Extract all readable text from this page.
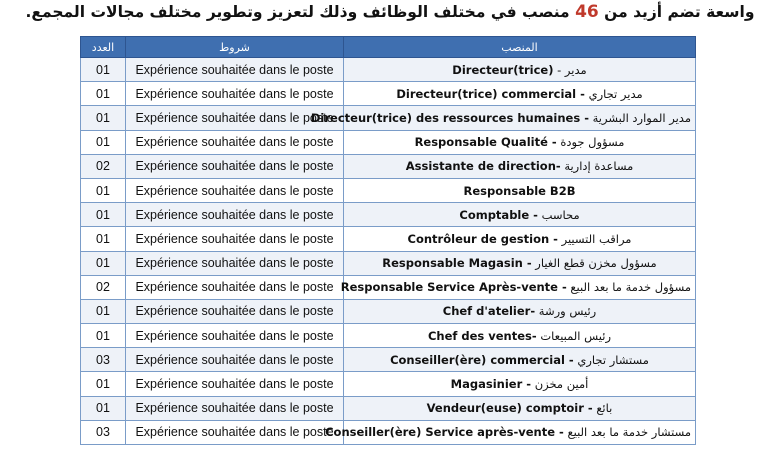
واسعة تضم أزيد من 46 منصب في مختلف الوظائف وذلك لتعزيز وتطوير مختلف مجالات المجمع.
العدد	شروط	المنصب
01	Expérience souhaitée dans le poste	مدير - Directeur(trice)
01	Expérience souhaitée dans le poste	مدير تجاري Directeur(trice) commercial -
01	Expérience souhaitée dans le poste	مدير الموارد البشرية Directeur(trice) des ressources humaines -
01	Expérience souhaitée dans le poste	مسؤول جودة Responsable Qualité -
02	Expérience souhaitée dans le poste	مساعدة إدارية Assistante de direction-
01	Expérience souhaitée dans le poste	Responsable B2B
01	Expérience souhaitée dans le poste	محاسب Comptable -
01	Expérience souhaitée dans le poste	مراقب التسيير Contrôleur de gestion -
01	Expérience souhaitée dans le poste	مسؤول مخزن قطع الغيار Responsable Magasin -
02	Expérience souhaitée dans le poste	مسؤول خدمة ما بعد البيع Responsable Service Après-vente -
01	Expérience souhaitée dans le poste	رئيس ورشة Chef d'atelier-
01	Expérience souhaitée dans le poste	رئيس المبيعات Chef des ventes-
03	Expérience souhaitée dans le poste	مستشار تجاري Conseiller(ère) commercial -
01	Expérience souhaitée dans le poste	أمين مخزن Magasinier -
01	Expérience souhaitée dans le poste	بائع Vendeur(euse) comptoir -
03	Expérience souhaitée dans le poste	مستشار خدمة ما بعد البيع Conseiller(ère) Service après-vente -
